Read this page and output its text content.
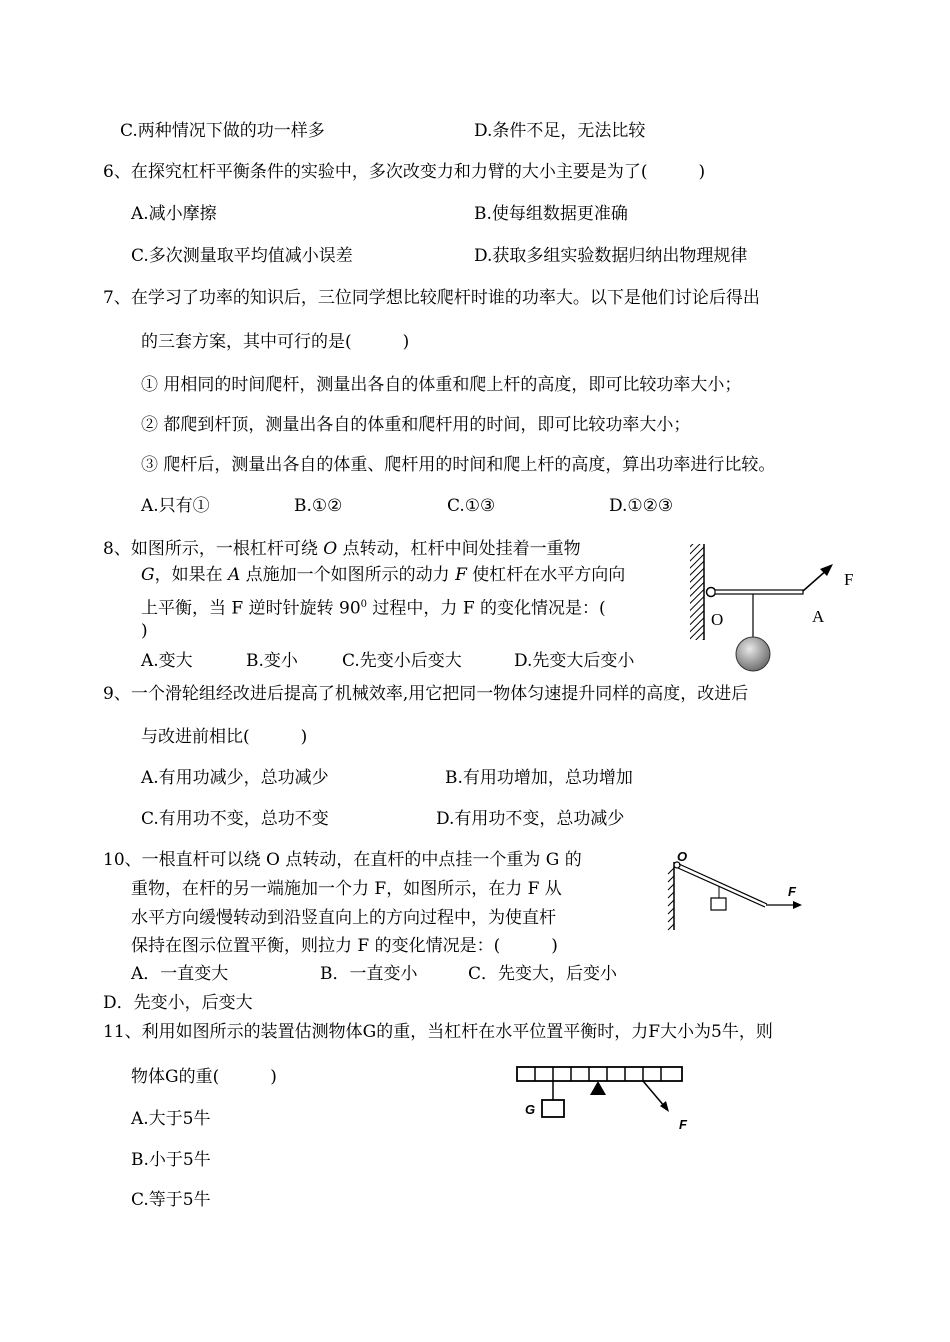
C.两种情况下做的功一样多	D.条件不足，无法比较
6、在探究杠杆平衡条件的实验中，多次改变力和力臂的大小主要是为了(　　　)
A.减小摩擦	B.使每组数据更准确
C.多次测量取平均值减小误差	D.获取多组实验数据归纳出物理规律
7、在学习了功率的知识后，三位同学想比较爬杆时谁的功率大。以下是他们讨论后得出
的三套方案，其中可行的是(　　　)
① 用相同的时间爬杆，测量出各自的体重和爬上杆的高度，即可比较功率大小；
② 都爬到杆顶，测量出各自的体重和爬杆用的时间，即可比较功率大小；
③ 爬杆后，测量出各自的体重、爬杆用的时间和爬上杆的高度，算出功率进行比较。
A.只有①	B.①②	C.①③	D.①②③
8、如图所示，一根杠杆可绕 O 点转动，杠杆中间处挂着一重物
G，如果在 A 点施加一个如图所示的动力 F 使杠杆在水平方向向
上平衡，当 F 逆时针旋转 $90^0$ 过程中，力 F 的变化情况是：(
)
A.变大	B.变小	C.先变小后变大	D.先变大后变小
F
O	A
9、一个滑轮组经改进后提高了机械效率,用它把同一物体匀速提升同样的高度，改进后
与改进前相比(　　　)
A.有用功减少，总功减少	B.有用功增加，总功增加
C.有用功不变，总功不变	D.有用功不变，总功减少
10、一根直杆可以绕 O 点转动，在直杆的中点挂一个重为 G 的
重物，在杆的另一端施加一个力 F，如图所示，在力 F 从
水平方向缓慢转动到沿竖直向上的方向过程中，为使直杆
保持在图示位置平衡，则拉力 F 的变化情况是：(　　　)
A．一直变大	B．一直变小	C．先变大，后变小
D．先变小，后变大
O
F
11、利用如图所示的装置估测物体G的重，当杠杆在水平位置平衡时，力F大小为5牛，则
物体G的重(　　　)
A.大于5牛
B.小于5牛
C.等于5牛
G
F
